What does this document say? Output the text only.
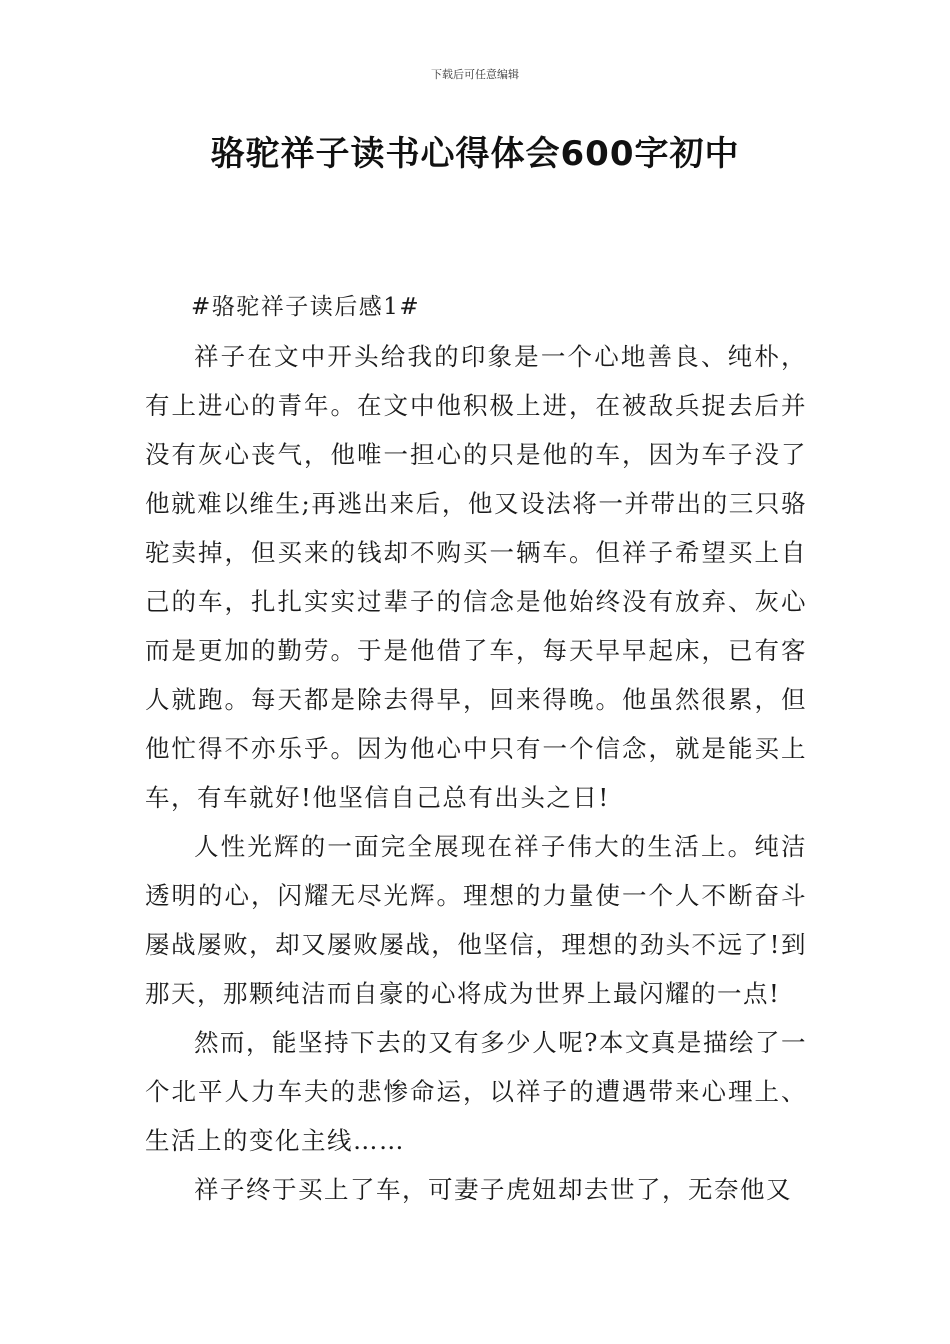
下载后可任意编辑
骆驼祥子读书心得体会600字初中

#骆驼祥子读后感1#

祥子在文中开头给我的印象是一个心地善良、纯朴，有上进心的青年。在文中他积极上进，在被敌兵捉去后并没有灰心丧气，他唯一担心的只是他的车，因为车子没了他就难以维生;再逃出来后，他又设法将一并带出的三只骆驼卖掉，但买来的钱却不购买一辆车。但祥子希望买上自己的车，扎扎实实过辈子的信念是他始终没有放弃、灰心而是更加的勤劳。于是他借了车，每天早早起床，已有客人就跑。每天都是除去得早，回来得晚。他虽然很累，但他忙得不亦乐乎。因为他心中只有一个信念，就是能买上车，有车就好!他坚信自己总有出头之日!

人性光辉的一面完全展现在祥子伟大的生活上。纯洁透明的心，闪耀无尽光辉。理想的力量使一个人不断奋斗屡战屡败，却又屡败屡战，他坚信，理想的劲头不远了!到那天，那颗纯洁而自豪的心将成为世界上最闪耀的一点!

然而，能坚持下去的又有多少人呢?本文真是描绘了一个北平人力车夫的悲惨命运，以祥子的遭遇带来心理上、生活上的变化主线……

祥子终于买上了车，可妻子虎妞却去世了，无奈他又
